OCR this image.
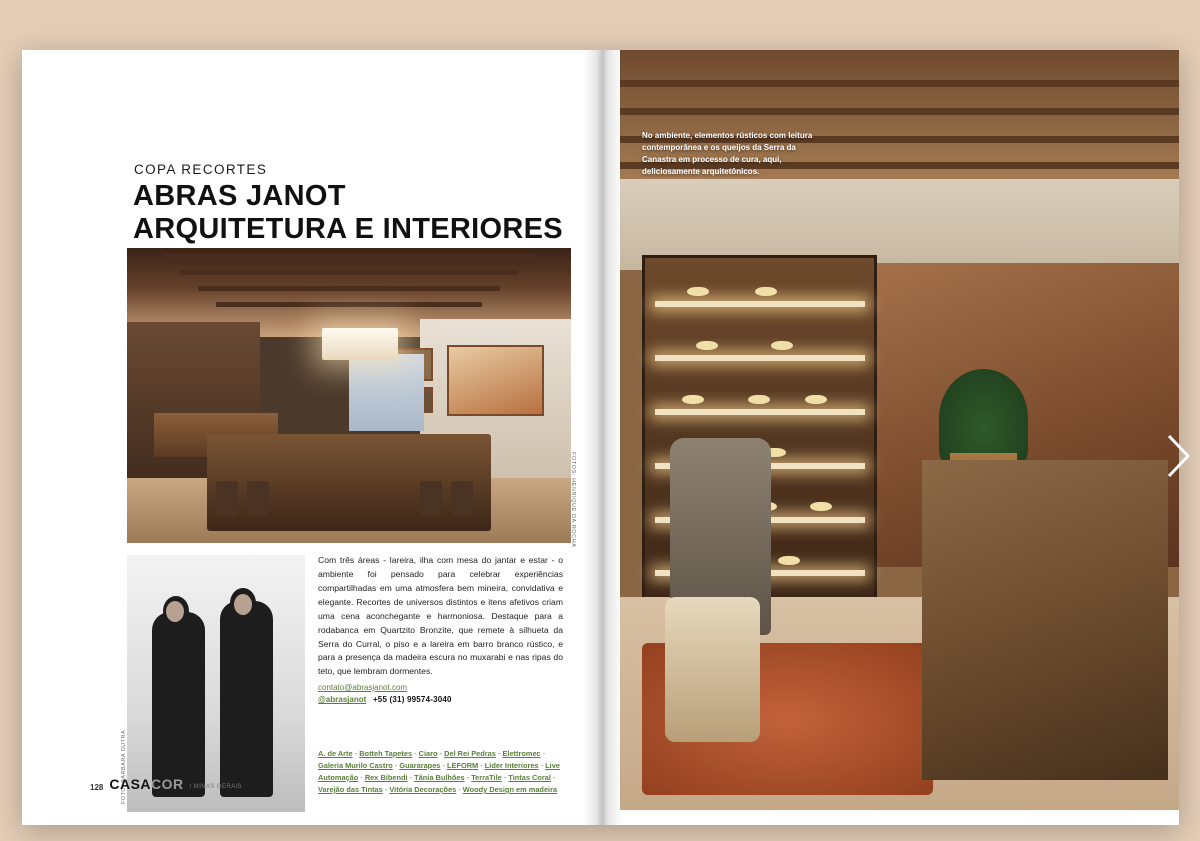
COPA RECORTES
ABRAS JANOT ARQUITETURA E INTERIORES
FOTOS: HENRIQUE DA ROCHA
FOTO: BARBARA DUTRA

Com três áreas - lareira, ilha com mesa do jantar e estar - o ambiente foi pensado para celebrar experiências compartilhadas em uma atmosfera bem mineira, convidativa e elegante. Recortes de universos distintos e itens afetivos criam uma cena aconchegante e harmoniosa. Destaque para a rodabanca em Quartzito Bronzite, que remete à silhueta da Serra do Curral, o piso e a lareira em barro branco rústico, e para a presença da madeira escura no muxarabi e nas ripas do teto, que lembram dormentes.

contato@abrasjanot.com
@abrasjanot +55 (31) 99574-3040
A. de Arte - Botteh Tapetes - Ciaro - Del Rei Pedras - Elettromec - Galeria Murilo Castro - Guararapes - LEFORM - Líder Interiores - Live Automação - Rex Bibendi - Tânia Bulhões - TerraTile - Tintas Coral - Varejão das Tintas - Vitória Decorações - Woody Design em madeira
128 CASACOR / MINAS GERAIS
No ambiente, elementos rústicos com leitura contemporânea e os queijos da Serra da Canastra em processo de cura, aqui, deliciosamente arquitetônicos.
